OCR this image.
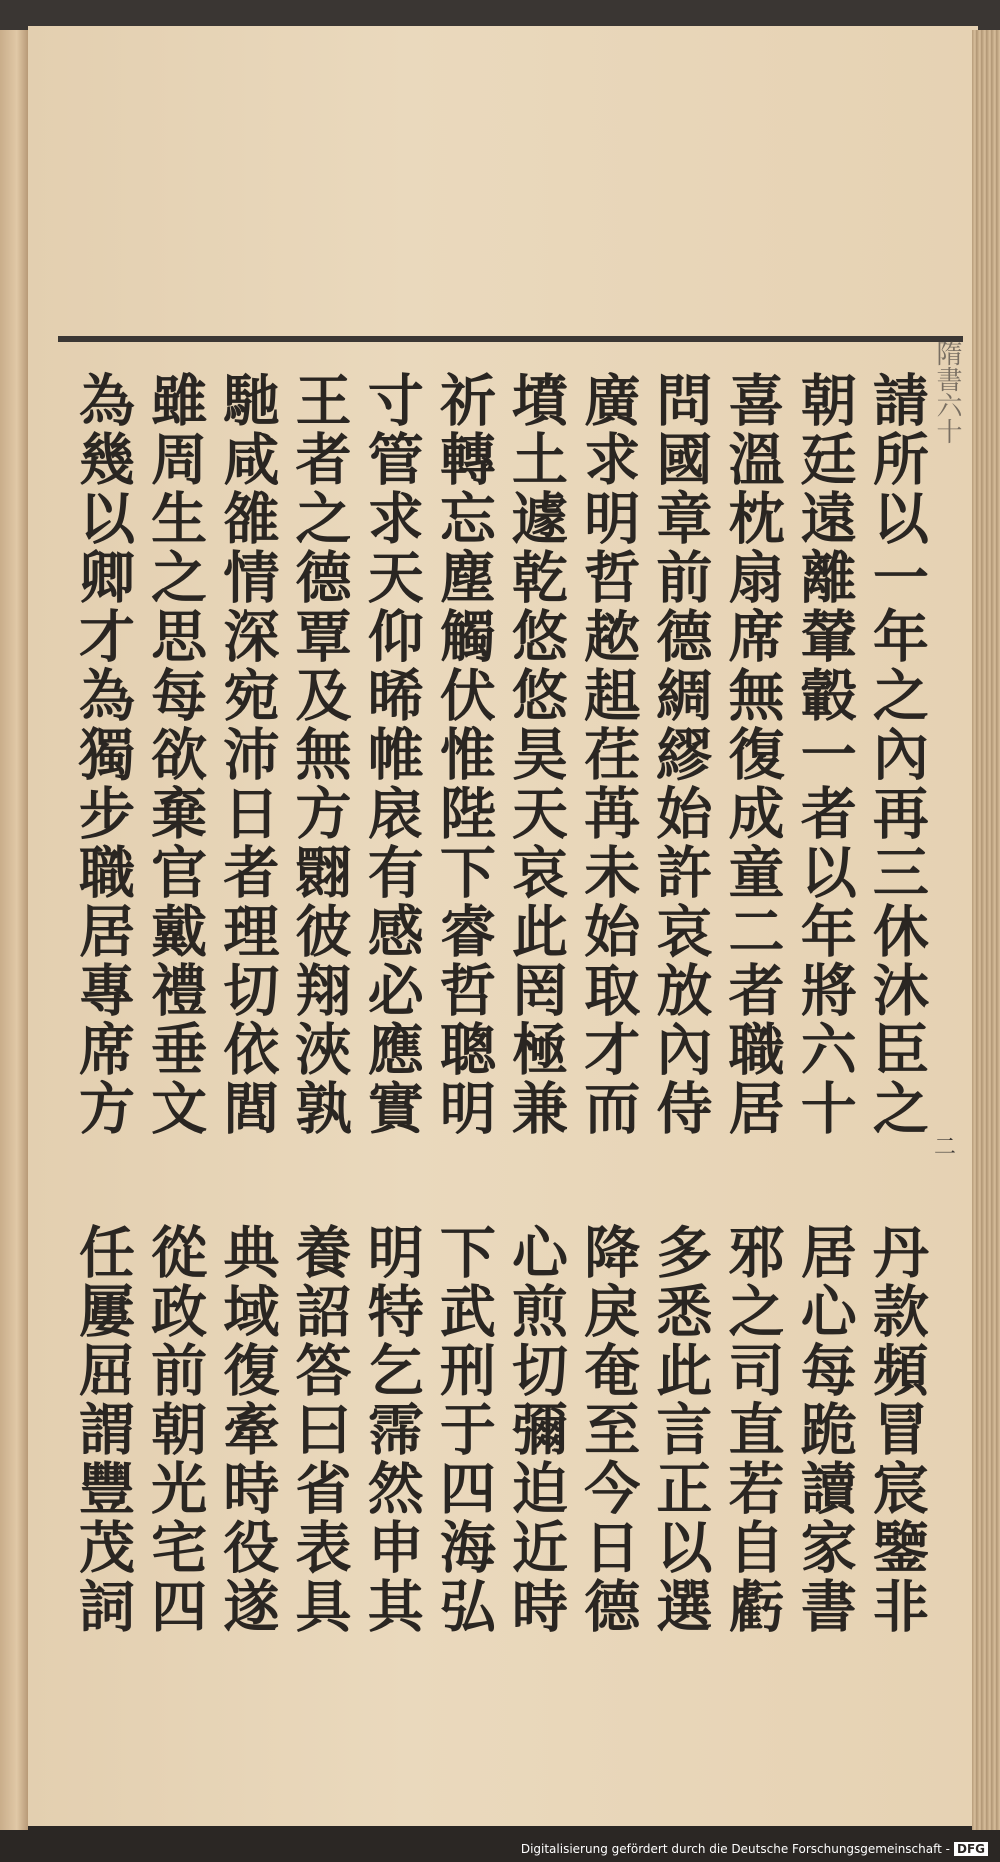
隋書六十
二
請所以一年之內再三休沐臣之
丹款頻冒宸鑒非
朝廷遠離輦轂一者以年將六十
居心每跪讀家書
喜溫枕扇席無復成童二者職居
邪之司直若自虧
問國章前德綢繆始許哀放內侍
多悉此言正以選
廣求明哲趑趄荏苒未始取才而
降戾奄至今日德
墳土遽乾悠悠昊天哀此罔極兼
心煎切彌迫近時
祈轉忘塵觸伏惟陛下睿哲聰明
下武刑于四海弘
寸管求天仰晞帷扆有感必應實
明特乞霈然申其
王者之德覃及無方翾彼翔浹孰
養詔答曰省表具
馳咸雒情深宛沛日者理切依閭
典域復牽時役遂
雖周生之思每欲棄官戴禮垂文
從政前朝光宅四
為幾以卿才為獨步職居專席方
任屢屈謂豐茂詞
Digitalisierung gefördert durch die Deutsche Forschungsgemeinschaft - DFG
